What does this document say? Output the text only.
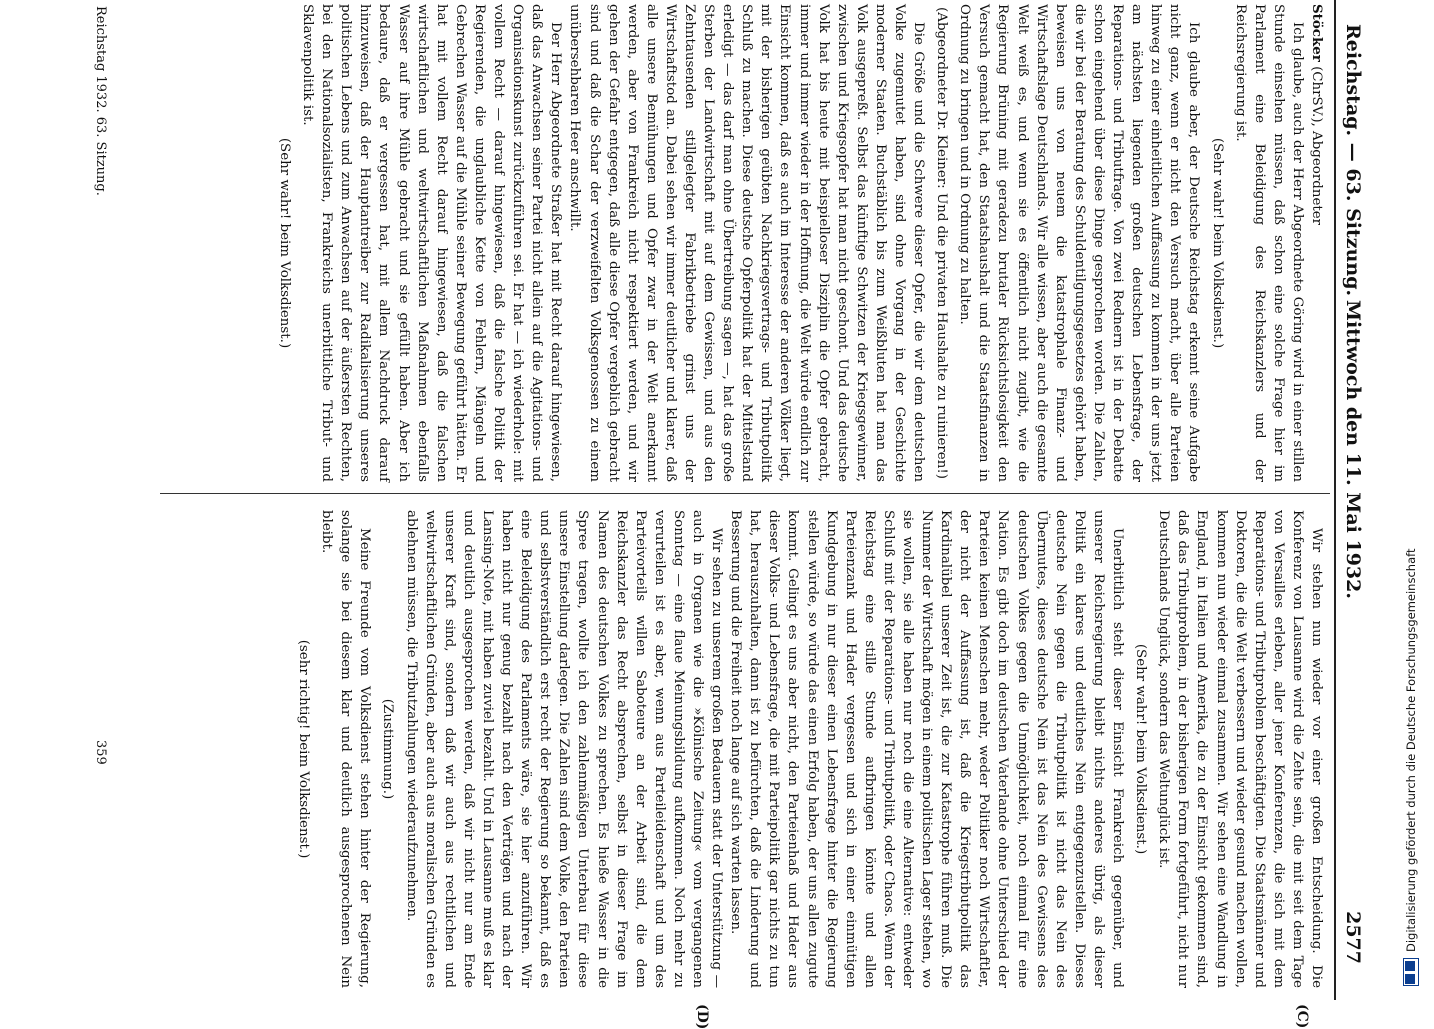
Reichstag. — 63. Sitzung.
Mittwoch den 11. Mai 1932.
2577
(C)
(D)

Stöcker (ChrSV.), Abgeordneter

Ich glaube, auch der Herr Abgeordnete Göring wird in einer stillen Stunde einsehen müssen, daß schon eine solche Frage hier im Parlament eine Beleidigung des Reichskanzlers und der Reichsregierung ist.

(Sehr wahr! beim Volksdienst.)

Ich glaube aber, der Deutsche Reichstag erkennt seine Aufgabe nicht ganz, wenn er nicht den Versuch macht, über alle Parteien hinweg zu einer einheitlichen Auffassung zu kommen in der uns jetzt am nächsten liegenden großen deutschen Lebensfrage, der Reparations- und Tributfrage. Von zwei Rednern ist in der Debatte schon eingehend über diese Dinge gesprochen worden. Die Zahlen, die wir bei der Beratung des Schuldentilgungsgesetzes gehört haben, beweisen uns von neuem die katastrophale Finanz- und Wirtschaftslage Deutschlands. Wir alle wissen, aber auch die gesamte Welt weiß es, und wenn sie es öffentlich nicht zugibt, wie die Regierung Brüning mit geradezu brutaler Rücksichtslosigkeit den Versuch gemacht hat, den Staatshaushalt und die Staatsfinanzen in Ordnung zu bringen und in Ordnung zu halten.

(Abgeordneter Dr. Kleiner: Und die privaten Haushalte zu ruinieren!)

Die Größe und die Schwere dieser Opfer, die wir dem deutschen Volke zugemutet haben, sind ohne Vorgang in der Geschichte moderner Staaten. Buchstäblich bis zum Weißbluten hat man das Volk ausgepreßt. Selbst das künftige Schwitzen der Kriegsgewinner, zwischen und Kriegsopfer hat man nicht geschont. Und das deutsche Volk hat bis heute mit beispielloser Disziplin die Opfer gebracht, immer und immer wieder in der Hoffnung, die Welt würde endlich zur Einsicht kommen, daß es auch im Interesse der anderen Völker liegt, mit der bisherigen geübten Nachkriegsvertrags- und Tributpolitik Schluß zu machen. Diese deutsche Opferpolitik hat der Mittelstand erledigt — das darf man ohne Übertreibung sagen —, hat das große Sterben der Landwirtschaft mit auf dem Gewissen, und aus den Zehntausenden stillgelegter Fabrikbetriebe grinst uns der Wirtschaftstod an. Dabei sehen wir immer deutlicher und klarer, daß alle unsere Bemühungen und Opfer zwar in der Welt anerkannt werden, aber von Frankreich nicht respektiert werden, und wir gehen der Gefahr entgegen, daß alle diese Opfer vergeblich gebracht sind und daß die Schar der verzweifelten Volksgenossen zu einem unübersehbaren Heer anschwillt.

Der Herr Abgeordnete Straßer hat mit Recht darauf hingewiesen, daß das Anwachsen seiner Partei nicht allein auf die Agitations- und Organisationskunst zurückzuführen sei. Er hat — ich wiederhole: mit vollem Recht — darauf hingewiesen, daß die falsche Politik der Regierenden, die unglaubliche Kette von Fehlern, Mängeln und Gebrechen Wasser auf die Mühle seiner Bewegung geführt hätten. Er hat mit vollem Recht darauf hingewiesen, daß die falschen wirtschaftlichen und weltwirtschaftlichen Maßnahmen ebenfalls Wasser auf ihre Mühle gebracht und sie gefüllt haben. Aber ich bedaure, daß er vergessen hat, mit allem Nachdruck darauf hinzuweisen, daß der Hauptantreiber zur Radikalisierung unseres politischen Lebens und zum Anwachsen auf der äußersten Rechten, bei den Nationalsozialisten, Frankreichs unerbittliche Tribut- und Sklavenpolitik ist.

(Sehr wahr! beim Volksdienst.)

Wir stehen nun wieder vor einer großen Entscheidung. Die Konferenz von Lausanne wird die Zehte sein, die mit seit dem Tage von Versailles erleben, aller jener Konferenzen, die sich mit dem Reparations- und Tributproblem beschäftigten. Die Staatsmänner und Doktoren, die die Welt verbessern und wieder gesund machen wollen, kommen nun wieder einmal zusammen. Wir sehen eine Wandlung in England, in Italien und Amerika, die zu der Einsicht gekommen sind, daß das Tributproblem, in der bisherigen Form fortgeführt, nicht nur Deutschlands Unglück, sondern das Weltunglück ist.

(Sehr wahr! beim Volksdienst.)

Unerbittlich steht dieser Einsicht Frankreich gegenüber, und unserer Reichsregierung bleibt nichts anderes übrig, als dieser Politik ein klares und deutliches Nein entgegenzustellen. Dieses deutsche Nein gegen die Tributpolitik ist nicht das Nein des Übermutes, dieses deutsche Nein ist das Nein des Gewissens des deutschen Volkes gegen die Unmöglichkeit, noch einmal für eine Nation. Es gibt doch im deutschen Vaterlande ohne Unterschied der Parteien keinen Menschen mehr, weder Politiker noch Wirtschaftler, der nicht der Auffassung ist, daß die Kriegstributpolitik das Kardinalübel unserer Zeit ist, die zur Katastrophe führen muß. Die Nummer der Wirtschaft mögen in einem politischen Lager stehen, wo sie wollen, sie alle haben nur noch die eine Alternative: entweder Schluß mit der Reparations- und Tributpolitik, oder Chaos. Wenn der Reichstag eine stille Stunde aufbringen könnte und allen Parteienzank und Hader vergessen und sich in einer einmütigen Kundgebung in nur dieser einen Lebensfrage hinter die Regierung stellen würde, so würde das einen Erfolg haben, der uns allen zugute kommt. Gelingt es uns aber nicht, den Parteienhaß und Hader aus dieser Volks- und Lebensfrage, die mit Parteipolitik gar nichts zu tun hat, herauszuhalten, dann ist zu befürchten, daß die Linderung und Besserung und die Freiheit noch lange auf sich warten lassen.

Wir sehen zu unserem großen Bedauern statt der Unterstützung — auch in Organen wie die »Kölnische Zeitung« vom vergangenen Sonntag — eine flaue Meinungsbildung aufkommen. Noch mehr zu verurteilen ist es aber, wenn aus Parteileidenschaft und um des Parteivorteils willen Saboteure an der Arbeit sind, die dem Reichskanzler das Recht absprechen, selbst in dieser Frage im Namen des deutschen Volkes zu sprechen. Es hieße Wasser in die Spree tragen, wollte ich den zahlenmäßigen Unterbau für diese unsere Einstellung darlegen. Die Zahlen sind dem Volke, den Parteien und selbstverständlich erst recht der Regierung so bekannt, daß es eine Beleidigung des Parlaments wäre, sie hier anzuführen. Wir haben nicht nur genug bezahlt nach den Verträgen und nach der Lansing-Note, mit haben zuviel bezahlt. Und in Lausanne muß es klar und deutlich ausgesprochen werden, daß wir nicht nur am Ende unserer Kraft sind, sondern daß wir auch aus rechtlichen und weltwirtschaftlichen Gründen, aber auch aus moralischen Gründen es ablehnen müssen, die Tributzahlungen wiederaufzunehmen.

(Zustimmung.)

Meine Freunde vom Volksdienst stehen hinter der Regierung, solange sie bei diesem klar und deutlich ausgesprochenen Nein bleibt.

(sehr richtig! beim Volksdienst.)

Reichstag 1932. 63. Sitzung.
359	Digitalisierung gefördert durch die Deutsche Forschungsgemeinschaft
